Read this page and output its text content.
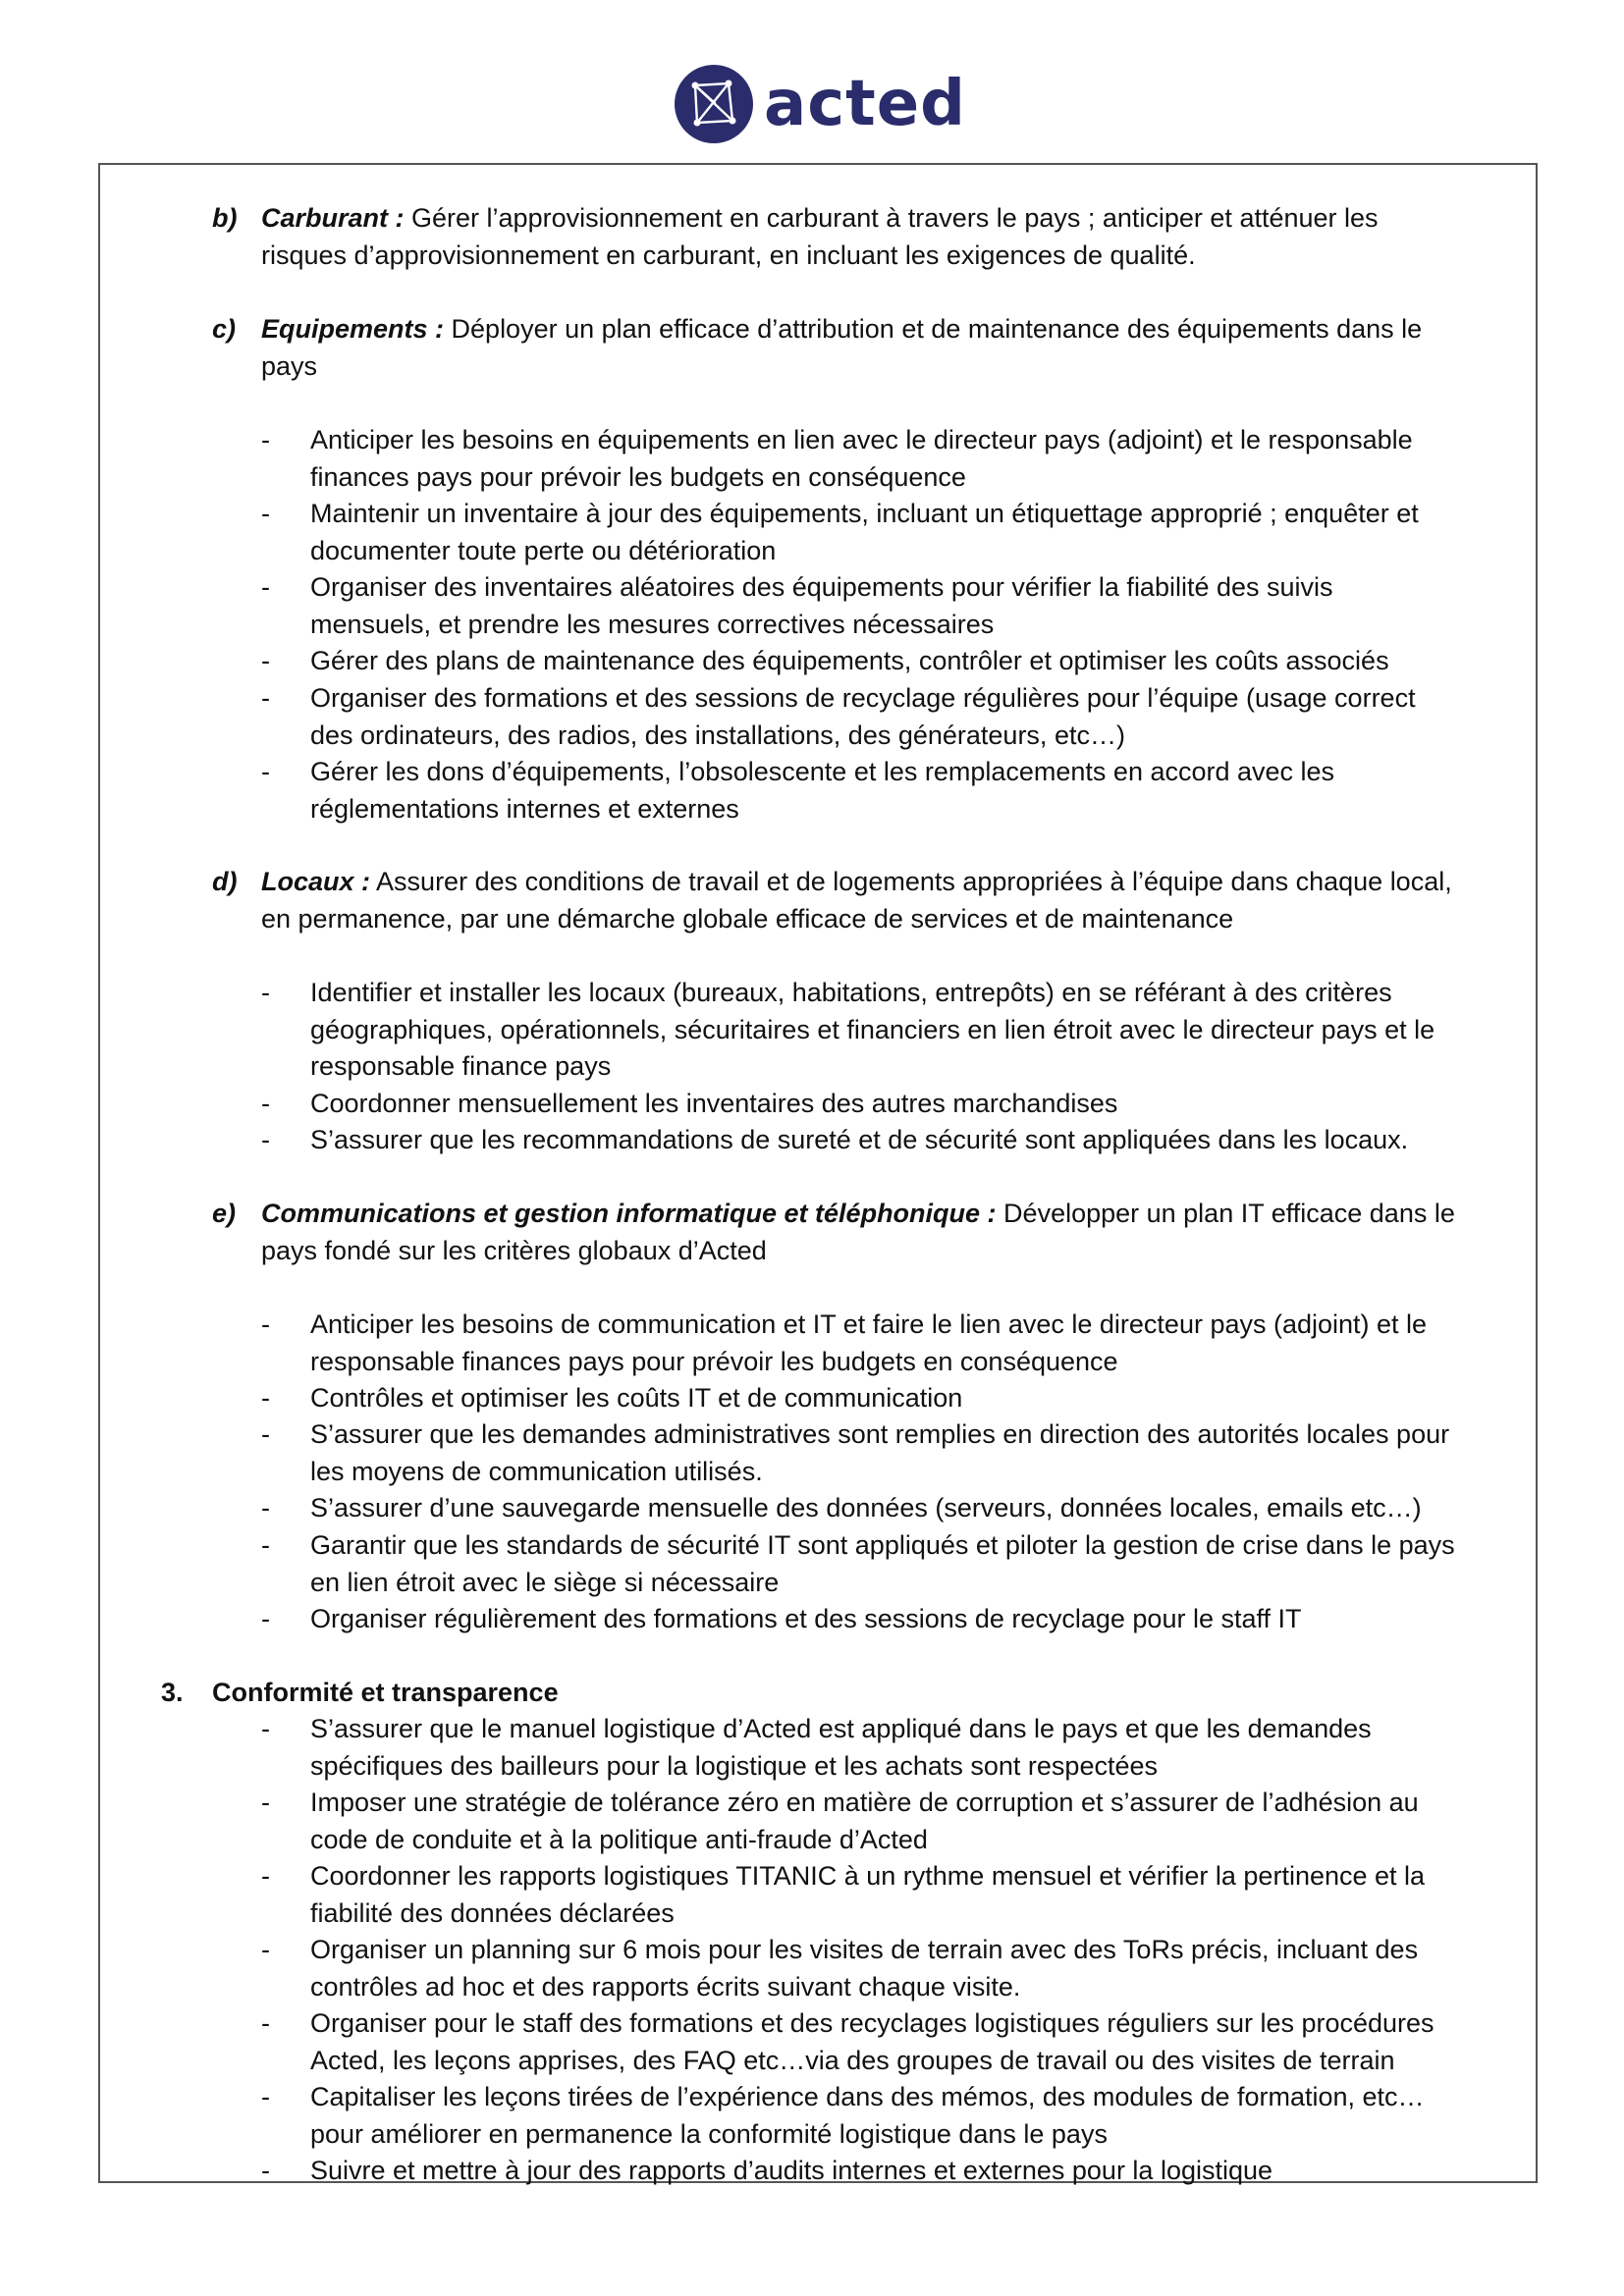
acted
b) Carburant : Gérer l’approvisionnement en carburant à travers le pays ; anticiper et atténuer les risques d’approvisionnement en carburant, en incluant les exigences de qualité.
c) Equipements : Déployer un plan efficace d’attribution et de maintenance des équipements dans le pays
-	Anticiper les besoins en équipements en lien avec le directeur pays (adjoint) et le responsable finances pays pour prévoir les budgets en conséquence
-	Maintenir un inventaire à jour des équipements, incluant un étiquettage approprié ; enquêter et documenter toute perte ou détérioration
-	Organiser des inventaires aléatoires des équipements pour vérifier la fiabilité des suivis mensuels, et prendre les mesures correctives nécessaires
-	Gérer des plans de maintenance des équipements, contrôler et optimiser les coûts associés
-	Organiser des formations et des sessions de recyclage régulières pour l’équipe (usage correct des ordinateurs, des radios, des installations, des générateurs, etc…)
-	Gérer les dons d’équipements, l’obsolescente et les remplacements en accord avec les réglementations internes et externes
d) Locaux : Assurer des conditions de travail et de logements appropriées à l’équipe dans chaque local, en permanence, par une démarche globale efficace de services et de maintenance
-	Identifier et installer les locaux (bureaux, habitations, entrepôts) en se référant à des critères géographiques, opérationnels, sécuritaires et financiers en lien étroit avec le directeur pays et le responsable finance pays
-	Coordonner mensuellement les inventaires des autres marchandises
-	S’assurer que les recommandations de sureté et de sécurité sont appliquées dans les locaux.
e) Communications et gestion informatique et téléphonique : Développer un plan IT efficace dans le pays fondé sur les critères globaux d’Acted
-	Anticiper les besoins de communication et IT et faire le lien avec le directeur pays (adjoint) et le responsable finances pays pour prévoir les budgets en conséquence
-	Contrôles et optimiser les coûts IT et de communication
-	S’assurer que les demandes administratives sont remplies en direction des autorités locales pour les moyens de communication utilisés.
-	S’assurer d’une sauvegarde mensuelle des données (serveurs, données locales, emails etc…)
-	Garantir que les standards de sécurité IT sont appliqués et piloter la gestion de crise dans le pays en lien étroit avec le siège si nécessaire
-	Organiser régulièrement des formations et des sessions de recyclage pour le staff IT
3. Conformité et transparence
-	S’assurer que le manuel logistique d’Acted est appliqué dans le pays et que les demandes spécifiques des bailleurs pour la logistique et les achats sont respectées
-	Imposer une stratégie de tolérance zéro en matière de corruption et s’assurer de l’adhésion au code de conduite et à la politique anti-fraude d’Acted
-	Coordonner les rapports logistiques TITANIC à un rythme mensuel et vérifier la pertinence et la fiabilité des données déclarées
-	Organiser un planning sur 6 mois pour les visites de terrain avec des ToRs précis, incluant des contrôles ad hoc et des rapports écrits suivant chaque visite.
-	Organiser pour le staff des formations et des recyclages logistiques réguliers sur les procédures Acted, les leçons apprises, des FAQ etc…via des groupes de travail ou des visites de terrain
-	Capitaliser les leçons tirées de l’expérience dans des mémos, des modules de formation, etc…pour améliorer en permanence la conformité logistique dans le pays
-	Suivre et mettre à jour des rapports d’audits internes et externes pour la logistique
